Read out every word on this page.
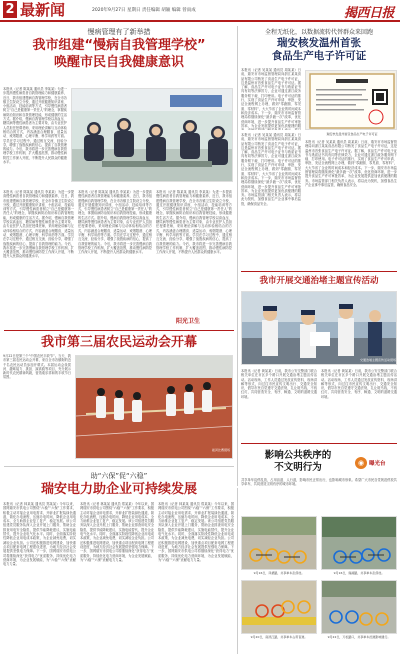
2 最新闻	2020年9月27日 星期日 责任编辑 胡颖 编辑 曾雨成	揭西日报
慢病管理有了新举措
我市组建“慢病自我管理学校”
唤醒市民自我健康意识
本报讯（记者 陈某某 通讯员 李某某）为进一步提高慢性病患者自我管理能力和健康素养，近日，我市组建慢病自我管理学校，在全市各镇卫生院设立分校，通过开展健康知识讲座、小组活动、技能培训等方式，引导慢性病患者树立“自己是健康第一责任人”的理念，掌握疾病防治知识和自我管理技能，形成健康的生活方式。据介绍，慢病自我管理学校以高血压、糖尿病等慢性病患者为主要对象，由专业医护人员担任授课老师，采用理论讲解与互动体验相结合的方式，内容涵盖合理膳食、适量运动、戒烟限酒、心理平衡、科学用药等方面。学员在学习过程中，通过相互交流、经验分享，增强了战胜疾病的信心，提高了自我管理的能力。今后，我市将进一步完善慢病自我管理学校工作机制，扩大覆盖范围，推动慢性病防控工作深入开展，不断提升人民群众的健康水平。
本报讯（记者 陈某某 通讯员 李某某）为进一步提高慢性病患者自我管理能力和健康素养，近日，我市组建慢病自我管理学校，在全市各镇卫生院设立分校，通过开展健康知识讲座、小组活动、技能培训等方式，引导慢性病患者树立“自己是健康第一责任人”的理念，掌握疾病防治知识和自我管理技能，形成健康的生活方式。据介绍，慢病自我管理学校以高血压、糖尿病等慢性病患者为主要对象，由专业医护人员担任授课老师，采用理论讲解与互动体验相结合的方式，内容涵盖合理膳食、适量运动、戒烟限酒、心理平衡、科学用药等方面。学员在学习过程中，通过相互交流、经验分享，增强了战胜疾病的信心，提高了自我管理的能力。今后，我市将进一步完善慢病自我管理学校工作机制，扩大覆盖范围，推动慢性病防控工作深入开展，不断提升人民群众的健康水平。
本报讯（记者 陈某某 通讯员 李某某）为进一步提高慢性病患者自我管理能力和健康素养，近日，我市组建慢病自我管理学校，在全市各镇卫生院设立分校，通过开展健康知识讲座、小组活动、技能培训等方式，引导慢性病患者树立“自己是健康第一责任人”的理念，掌握疾病防治知识和自我管理技能，形成健康的生活方式。据介绍，慢病自我管理学校以高血压、糖尿病等慢性病患者为主要对象，由专业医护人员担任授课老师，采用理论讲解与互动体验相结合的方式，内容涵盖合理膳食、适量运动、戒烟限酒、心理平衡、科学用药等方面。学员在学习过程中，通过相互交流、经验分享，增强了战胜疾病的信心，提高了自我管理的能力。今后，我市将进一步完善慢病自我管理学校工作机制，扩大覆盖范围，推动慢性病防控工作深入开展，不断提升人民群众的健康水平。
本报讯（记者 陈某某 通讯员 李某某）为进一步提高慢性病患者自我管理能力和健康素养，近日，我市组建慢病自我管理学校，在全市各镇卫生院设立分校，通过开展健康知识讲座、小组活动、技能培训等方式，引导慢性病患者树立“自己是健康第一责任人”的理念，掌握疾病防治知识和自我管理技能，形成健康的生活方式。据介绍，慢病自我管理学校以高血压、糖尿病等慢性病患者为主要对象，由专业医护人员担任授课老师，采用理论讲解与互动体验相结合的方式，内容涵盖合理膳食、适量运动、戒烟限酒、心理平衡、科学用药等方面。学员在学习过程中，通过相互交流、经验分享，增强了战胜疾病的信心，提高了自我管理的能力。今后，我市将进一步完善慢病自我管理学校工作机制，扩大覆盖范围，推动慢性病防控工作深入开展，不断提升人民群众的健康水平。
阳光卫生
全程无纸化，以数据流转代替群众来回跑
瑞安核发温州首张
食品生产电子许可证
本报讯（记者 吴某某 通讯员 周某某）日前，瑞安市市场监督管理局向浙江某某食品有限公司核发了食品生产电子许可证，这是温州市首张食品生产电子许可证。据了解，食品生产许可电子证书与纸质证书具有同等法律效力，企业可通过浙江政务服务网下载、打印使用。电子许可证的推行，实现了食品生产许可申请、审批、发证全流程网上办理，做到“零跑腿、零见面、零材料”，大大节省了企业的时间成本和经济成本。下一步，瑞安市市场监督管理局将继续深化“最多跑一次”改革，优化营商环境，进一步提升食品生产许可审批效率，为企业发展提供更加优质便捷的服
瑞安核发温州首张食品生产电子许可证
本报讯（记者 吴某某 通讯员 周某某）日前，瑞安市市场监督管理局向浙江某某食品有限公司核发了食品生产电子许可证，这是温州市首张食品生产电子许可证。据了解，食品生产许可电子证书与纸质证书具有同等法律效力，企业可通过浙江政务服务网下载、打印使用。电子许可证的推行，实现了食品生产许可申请、审批、发证全流程网上办理，做到“零跑腿、零见面、零材料”，大大节省了企业的时间成本和经济成本。下一步，瑞安市市场监督管理局将继续深化“最多跑一次”改革，优化营商环境，进一步提升食品生产许可审批效率，为企业发展提供更加优质便捷的服务。市场监管部门相关负责人表示，将以此为契机，加强食品生产企业事中事后监管，确保食品安全。
本报讯（记者 吴某某 通讯员 周某某）日前，瑞安市市场监督管理局向浙江某某食品有限公司核发了食品生产电子许可证，这是温州市首张食品生产电子许可证。据了解，食品生产许可电子证书与纸质证书具有同等法律效力，企业可通过浙江政务服务网下载、打印使用。电子许可证的推行，实现了食品生产许可申请、审批、发证全流程网上办理，做到“零跑腿、零见面、零材料”，大大节省了企业的时间成本和经济成本。下一步，瑞安市市场监督管理局将继续深化“最多跑一次”改革，优化营商环境，进一步提升食品生产许可审批效率，为企业发展提供更加优质便捷的服务。市场监管部门相关负责人表示，将以此为契机，加强食品生产企业事中事后监管，确保食品安全。
我市开展交通治堵主题宣传活动
交通治堵主题宣传活动现场
本报讯（记者 黄某某）日前，我市公安交警部门联合相关单位在市区多个路口开展交通治堵主题宣传活动。活动现场，工作人员通过发放宣传资料、现场讲解等形式，向过往市民宣传文明出行、交通安全知识，倡导市民自觉遵守交通法规，礼让斑马线，不闯红灯，共同营造安全、有序、畅通、文明的道路交通环境。
本报讯（记者 黄某某）日前，我市公安交警部门联合相关单位在市区多个路口开展交通治堵主题宣传活动。活动现场，工作人员通过发放宣传资料、现场讲解等形式，向过往市民宣传文明出行、交通安全知识，倡导市民自觉遵守交通法规，礼让斑马线，不闯红灯，共同营造安全、有序、畅通、文明的道路交通环境。
影响公共秩序的
不文明行为	◉ 曝光台
共享单车乱停乱放，占用盲道、人行道，影响市民正常出行，也影响城市形象。希望广大市民自觉规范停放共享单车，共同营造文明有序的城市环境。
9月16日，凤栖路，共享单车乱停放。	9月16日，瑞湖路，共享单车乱停放。
9月20日，南滨江路，共享单车占用盲道。	9月22日，万松路口，共享单车挡道影响通行。
我市第三届农民运动会开幕
9月22日是第三个“中国农民丰收节”。当天，我市第三届农民运动会开幕，来自全市各镇街的近千名农民运动员参加开幕式。本届运动会设拔河、趣味接力、挑担、踩高跷等项目，充分展示新时代农民精神风貌，营造欢乐祥和的丰收节日氛围。
拔河比赛现场
助“六保”促“六稳”
瑞安电力助企业可持续发展
本报讯（记者 林某某 通讯员 郑某某）今年以来，国网瑞安市供电公司围绕“六稳”“六保”工作要求，积极主动对接企业用电需求，开辟业扩报装绿色通道，简化办电流程，压缩办电时间，降低企业用电成本，全力助推企业复工复产、稳定发展。该公司组建党员服务队深入企业开展上门服务，帮助企业排查用电安全隐患，提供节能降耗建议，实施电能替代，提升企业电气化水平。同时，全面落实阶段性降低企业用电成本政策，为企业减免电费，切实减轻企业负担。公司还积极推进电网建设，加快重点项目配套电网工程建设进度，为地方经济社会发展提供坚强电力保障。下一步，国网瑞安市供电公司将继续深化“获得电力”优质服务，持续优化电力营商环境，为企业发展赋能，为“六稳”“六保”贡献电力力量。
本报讯（记者 林某某 通讯员 郑某某）今年以来，国网瑞安市供电公司围绕“六稳”“六保”工作要求，积极主动对接企业用电需求，开辟业扩报装绿色通道，简化办电流程，压缩办电时间，降低企业用电成本，全力助推企业复工复产、稳定发展。该公司组建党员服务队深入企业开展上门服务，帮助企业排查用电安全隐患，提供节能降耗建议，实施电能替代，提升企业电气化水平。同时，全面落实阶段性降低企业用电成本政策，为企业减免电费，切实减轻企业负担。公司还积极推进电网建设，加快重点项目配套电网工程建设进度，为地方经济社会发展提供坚强电力保障。下一步，国网瑞安市供电公司将继续深化“获得电力”优质服务，持续优化电力营商环境，为企业发展赋能，为“六稳”“六保”贡献电力力量。
本报讯（记者 林某某 通讯员 郑某某）今年以来，国网瑞安市供电公司围绕“六稳”“六保”工作要求，积极主动对接企业用电需求，开辟业扩报装绿色通道，简化办电流程，压缩办电时间，降低企业用电成本，全力助推企业复工复产、稳定发展。该公司组建党员服务队深入企业开展上门服务，帮助企业排查用电安全隐患，提供节能降耗建议，实施电能替代，提升企业电气化水平。同时，全面落实阶段性降低企业用电成本政策，为企业减免电费，切实减轻企业负担。公司还积极推进电网建设，加快重点项目配套电网工程建设进度，为地方经济社会发展提供坚强电力保障。下一步，国网瑞安市供电公司将继续深化“获得电力”优质服务，持续优化电力营商环境，为企业发展赋能，为“六稳”“六保”贡献电力力量。
